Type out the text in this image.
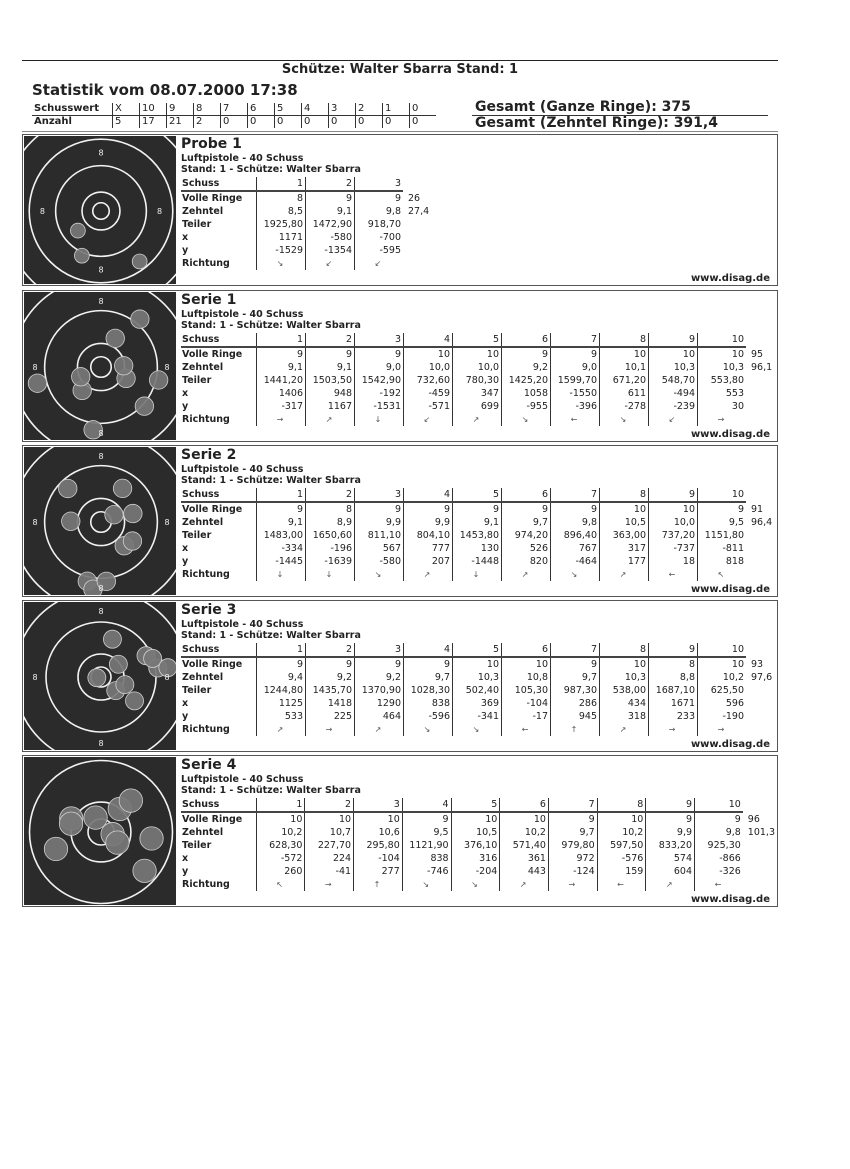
Schütze: Walter Sbarra Stand: 1
Statistik vom 08.07.2000 17:38
Schusswert	X	10	9	8	7	6	5	4	3	2	1	0
Anzahl	5	17	21	2	0	0	0	0	0	0	0	0
Gesamt (Ganze Ringe): 375
Gesamt (Zehntel Ringe): 391,4
8
8
8	8
Probe 1
Luftpistole - 40 Schuss
Stand: 1 - Schütze: Walter Sbarra
Schuss	1	2	3	
Volle Ringe	8	9	9	26
Zehntel	8,5	9,1	9,8	27,4
Teiler	1925,80	1472,90	918,70	
x	1171	-580	-700	
y	-1529	-1354	-595	
Richtung	↘	↙	↙	
www.disag.de
8
8
8	8
Serie 1
Luftpistole - 40 Schuss
Stand: 1 - Schütze: Walter Sbarra
Schuss	1	2	3	4	5	6	7	8	9	10	
Volle Ringe	9	9	9	10	10	9	9	10	10	10	95
Zehntel	9,1	9,1	9,0	10,0	10,0	9,2	9,0	10,1	10,3	10,3	96,1
Teiler	1441,20	1503,50	1542,90	732,60	780,30	1425,20	1599,70	671,20	548,70	553,80	
x	1406	948	-192	-459	347	1058	-1550	611	-494	553	
y	-317	1167	-1531	-571	699	-955	-396	-278	-239	30	
Richtung	→	↗	↓	↙	↗	↘	←	↘	↙	→	
www.disag.de
8
8
8	8
Serie 2
Luftpistole - 40 Schuss
Stand: 1 - Schütze: Walter Sbarra
Schuss	1	2	3	4	5	6	7	8	9	10	
Volle Ringe	9	8	9	9	9	9	9	10	10	9	91
Zehntel	9,1	8,9	9,9	9,9	9,1	9,7	9,8	10,5	10,0	9,5	96,4
Teiler	1483,00	1650,60	811,10	804,10	1453,80	974,20	896,40	363,00	737,20	1151,80	
x	-334	-196	567	777	130	526	767	317	-737	-811	
y	-1445	-1639	-580	207	-1448	820	-464	177	18	818	
Richtung	↓	↓	↘	↗	↓	↗	↘	↗	←	↖	
www.disag.de
8
8
8	8
Serie 3
Luftpistole - 40 Schuss
Stand: 1 - Schütze: Walter Sbarra
Schuss	1	2	3	4	5	6	7	8	9	10	
Volle Ringe	9	9	9	9	10	10	9	10	8	10	93
Zehntel	9,4	9,2	9,2	9,7	10,3	10,8	9,7	10,3	8,8	10,2	97,6
Teiler	1244,80	1435,70	1370,90	1028,30	502,40	105,30	987,30	538,00	1687,10	625,50	
x	1125	1418	1290	838	369	-104	286	434	1671	596	
y	533	225	464	-596	-341	-17	945	318	233	-190	
Richtung	↗	→	↗	↘	↘	←	↑	↗	→	→	
www.disag.de
Serie 4
Luftpistole - 40 Schuss
Stand: 1 - Schütze: Walter Sbarra
Schuss	1	2	3	4	5	6	7	8	9	10	
Volle Ringe	10	10	10	9	10	10	9	10	9	9	96
Zehntel	10,2	10,7	10,6	9,5	10,5	10,2	9,7	10,2	9,9	9,8	101,3
Teiler	628,30	227,70	295,80	1121,90	376,10	571,40	979,80	597,50	833,20	925,30	
x	-572	224	-104	838	316	361	972	-576	574	-866	
y	260	-41	277	-746	-204	443	-124	159	604	-326	
Richtung	↖	→	↑	↘	↘	↗	→	←	↗	←	
www.disag.de
